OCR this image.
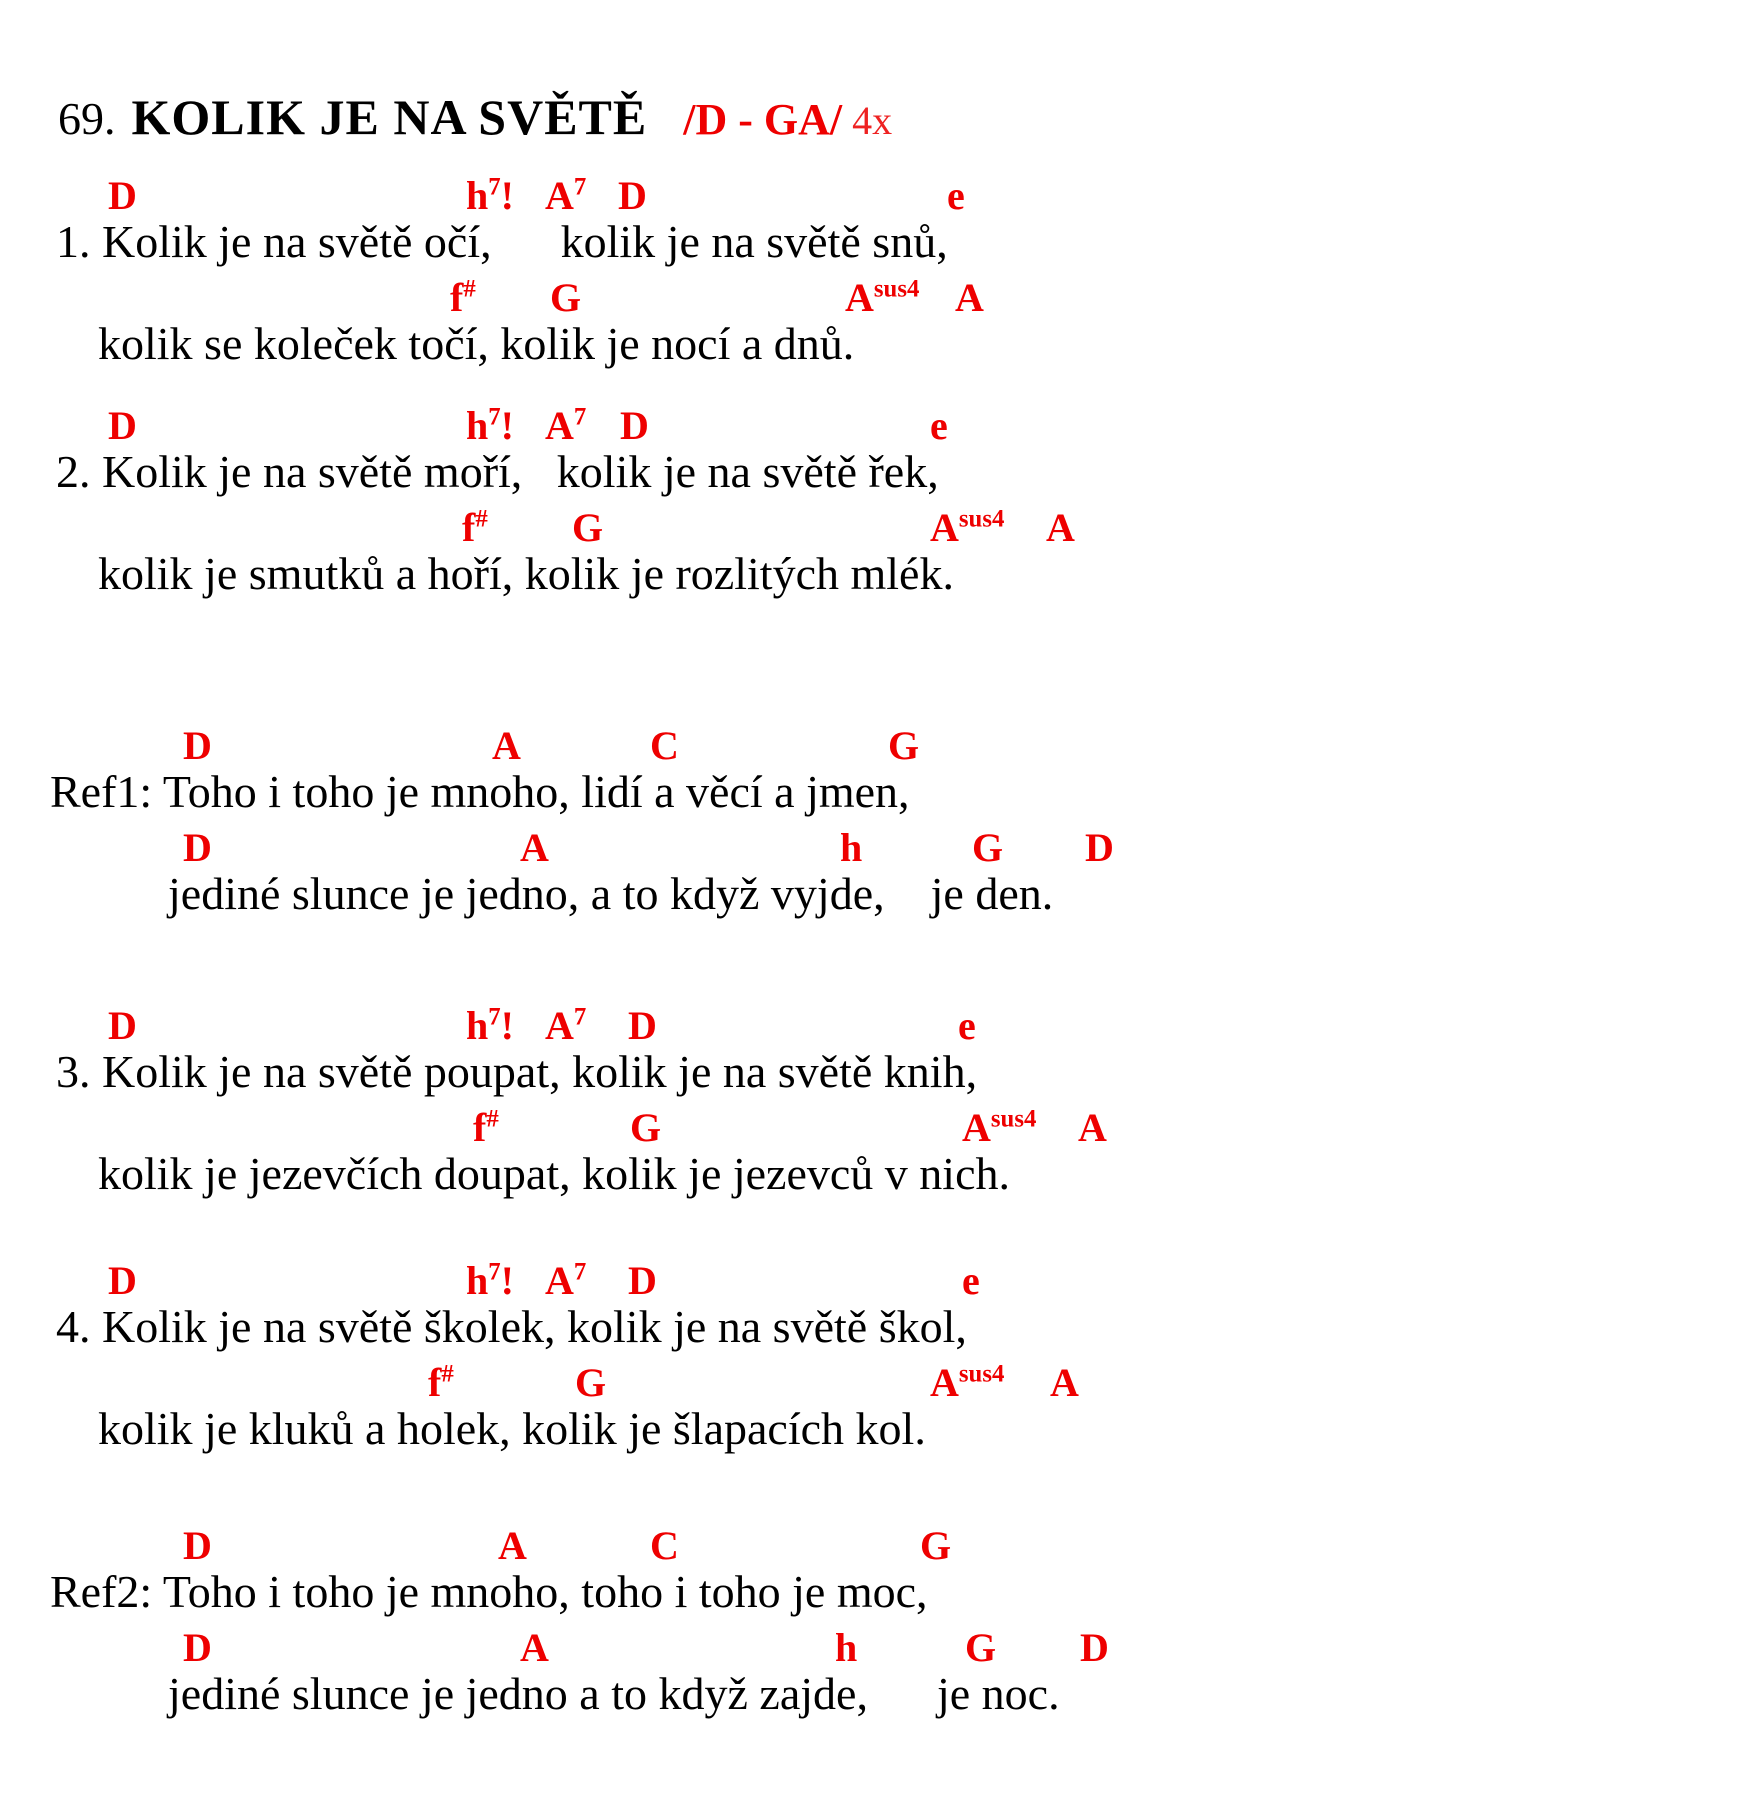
69. KOLIK JE NA SVĚTĚ /D - GA/ 4x
D	$h^7$! $A^7$ D	e
1. Kolik je na světě očí,      kolik je na světě snů,
f# G	$A^{sus4}$ A
kolik se koleček točí, kolik je nocí a dnů.
D	$h^7$! $A^7$ D	e
2. Kolik je na světě moří,   kolik je na světě řek,
f# G	$A^{sus4}$ A
kolik je smutků a hoří, kolik je rozlitých mlék.
D	A	C	G
Ref1: Toho i toho je mnoho, lidí a věcí a jmen,
D	A	h	G D
jediné slunce je jedno, a to když vyjde,    je den.
D	$h^7$! $A^7$ D	e
3. Kolik je na světě poupat, kolik je na světě knih,
f#	G	$A^{sus4}$ A
kolik je jezevčích doupat, kolik je jezevců v nich.
D	$h^7$! $A^7$ D	e
4. Kolik je na světě školek, kolik je na světě škol,
f#	G	$A^{sus4}$ A
kolik je kluků a holek, kolik je šlapacích kol.
D	A	C	G
Ref2: Toho i toho je mnoho, toho i toho je moc,
D	A	h	G D
jediné slunce je jedno a to když zajde,      je noc.
